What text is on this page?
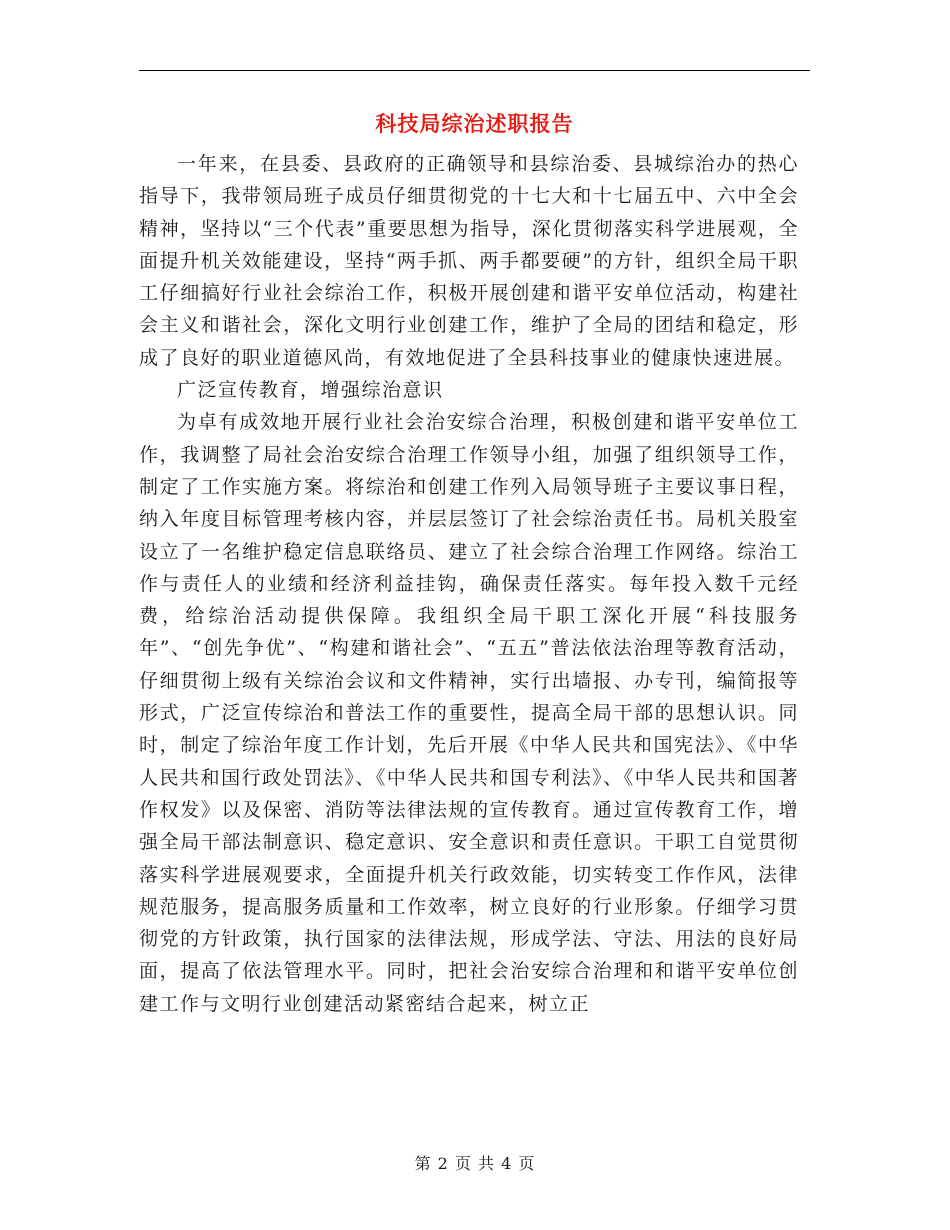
科技局综治述职报告

一年来，在县委、县政府的正确领导和县综治委、县城综治办的热心指导下，我带领局班子成员仔细贯彻党的十七大和十七届五中、六中全会精神，坚持以“三个代表”重要思想为指导，深化贯彻落实科学进展观，全面提升机关效能建设，坚持“两手抓、两手都要硬”的方针，组织全局干职工仔细搞好行业社会综治工作，积极开展创建和谐平安单位活动，构建社会主义和谐社会，深化文明行业创建工作，维护了全局的团结和稳定，形成了良好的职业道德风尚，有效地促进了全县科技事业的健康快速进展。

广泛宣传教育，增强综治意识

为卓有成效地开展行业社会治安综合治理，积极创建和谐平安单位工作，我调整了局社会治安综合治理工作领导小组，加强了组织领导工作，制定了工作实施方案。将综治和创建工作列入局领导班子主要议事日程，纳入年度目标管理考核内容，并层层签订了社会综治责任书。局机关股室设立了一名维护稳定信息联络员、建立了社会综合治理工作网络。综治工作与责任人的业绩和经济利益挂钩，确保责任落实。每年投入数千元经费，给综治活动提供保障。我组织全局干职工深化开展“科技服务年”、“创先争优”、“构建和谐社会”、“五五”普法依法治理等教育活动，仔细贯彻上级有关综治会议和文件精神，实行出墙报、办专刊，编简报等形式，广泛宣传综治和普法工作的重要性，提高全局干部的思想认识。同时，制定了综治年度工作计划，先后开展《中华人民共和国宪法》、《中华人民共和国行政处罚法》、《中华人民共和国专利法》、《中华人民共和国著作权发》以及保密、消防等法律法规的宣传教育。通过宣传教育工作，增强全局干部法制意识、稳定意识、安全意识和责任意识。干职工自觉贯彻落实科学进展观要求，全面提升机关行政效能，切实转变工作作风，法律规范服务，提高服务质量和工作效率，树立良好的行业形象。仔细学习贯彻党的方针政策，执行国家的法律法规，形成学法、守法、用法的良好局面，提高了依法管理水平。同时，把社会治安综合治理和和谐平安单位创建工作与文明行业创建活动紧密结合起来，树立正

第 2 页 共 4 页
